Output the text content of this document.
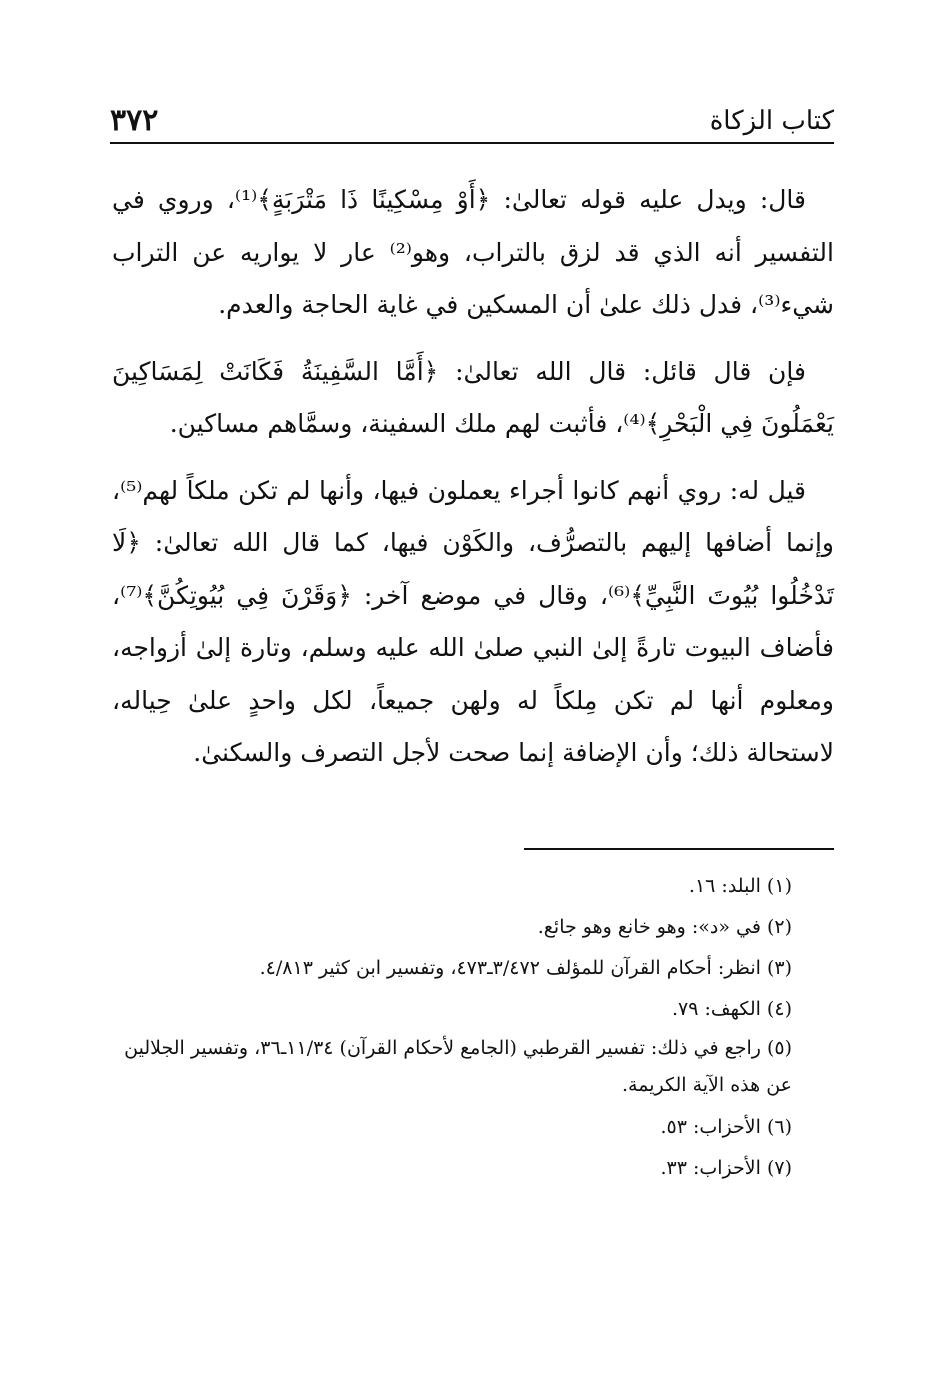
كتاب الزكاة
٣٧٢

قال: ويدل عليه قوله تعالىٰ: ﴿أَوْ مِسْكِينًا ذَا مَتْرَبَةٍ﴾⁽¹⁾، وروي في التفسير أنه الذي قد لزق بالتراب، وهو⁽²⁾ عار لا يواريه عن التراب شيء⁽³⁾، فدل ذلك علىٰ أن المسكين في غاية الحاجة والعدم.

فإن قال قائل: قال الله تعالىٰ: ﴿أَمَّا السَّفِينَةُ فَكَانَتْ لِمَسَاكِينَ يَعْمَلُونَ فِي الْبَحْرِ﴾⁽⁴⁾، فأثبت لهم ملك السفينة، وسمَّاهم مساكين.

قيل له: روي أنهم كانوا أجراء يعملون فيها، وأنها لم تكن ملكاً لهم⁽⁵⁾، وإنما أضافها إليهم بالتصرُّف، والكَوْن فيها، كما قال الله تعالىٰ: ﴿لَا تَدْخُلُوا بُيُوتَ النَّبِيِّ﴾⁽⁶⁾، وقال في موضع آخر: ﴿وَقَرْنَ فِي بُيُوتِكُنَّ﴾⁽⁷⁾، فأضاف البيوت تارةً إلىٰ النبي صلىٰ الله عليه وسلم، وتارة إلىٰ أزواجه، ومعلوم أنها لم تكن مِلكاً له ولهن جميعاً، لكل واحدٍ علىٰ حِياله، لاستحالة ذلك؛ وأن الإضافة إنما صحت لأجل التصرف والسكنىٰ.

(١) البلد: ١٦.

(٢) في «د»: وهو خانع وهو جائع.

(٣) انظر: أحكام القرآن للمؤلف ٣/٤٧٢ـ٤٧٣، وتفسير ابن كثير ٤/٨١٣.

(٤) الكهف: ٧٩.

(٥) راجع في ذلك: تفسير القرطبي (الجامع لأحكام القرآن) ١١/٣٤ـ٣٦، وتفسير الجلالين عن هذه الآية الكريمة.

(٦) الأحزاب: ٥٣.

(٧) الأحزاب: ٣٣.
